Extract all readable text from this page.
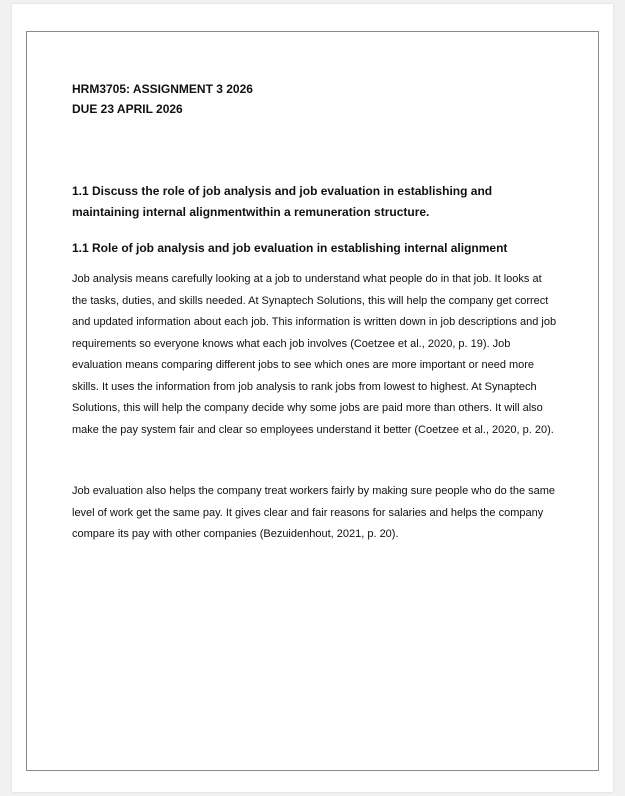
HRM3705: ASSIGNMENT 3 2026

DUE 23 APRIL 2026

1.1 Discuss the role of job analysis and job evaluation in establishing and maintaining internal alignmentwithin a remuneration structure.

1.1 Role of job analysis and job evaluation in establishing internal alignment

Job analysis means carefully looking at a job to understand what people do in that job. It looks at the tasks, duties, and skills needed. At Synaptech Solutions, this will help the company get correct and updated information about each job. This information is written down in job descriptions and job requirements so everyone knows what each job involves (Coetzee et al., 2020, p. 19). Job evaluation means comparing different jobs to see which ones are more important or need more skills. It uses the information from job analysis to rank jobs from lowest to highest. At Synaptech Solutions, this will help the company decide why some jobs are paid more than others. It will also make the pay system fair and clear so employees understand it better (Coetzee et al., 2020, p. 20).

Job evaluation also helps the company treat workers fairly by making sure people who do the same level of work get the same pay. It gives clear and fair reasons for salaries and helps the company compare its pay with other companies (Bezuidenhout, 2021, p. 20).
